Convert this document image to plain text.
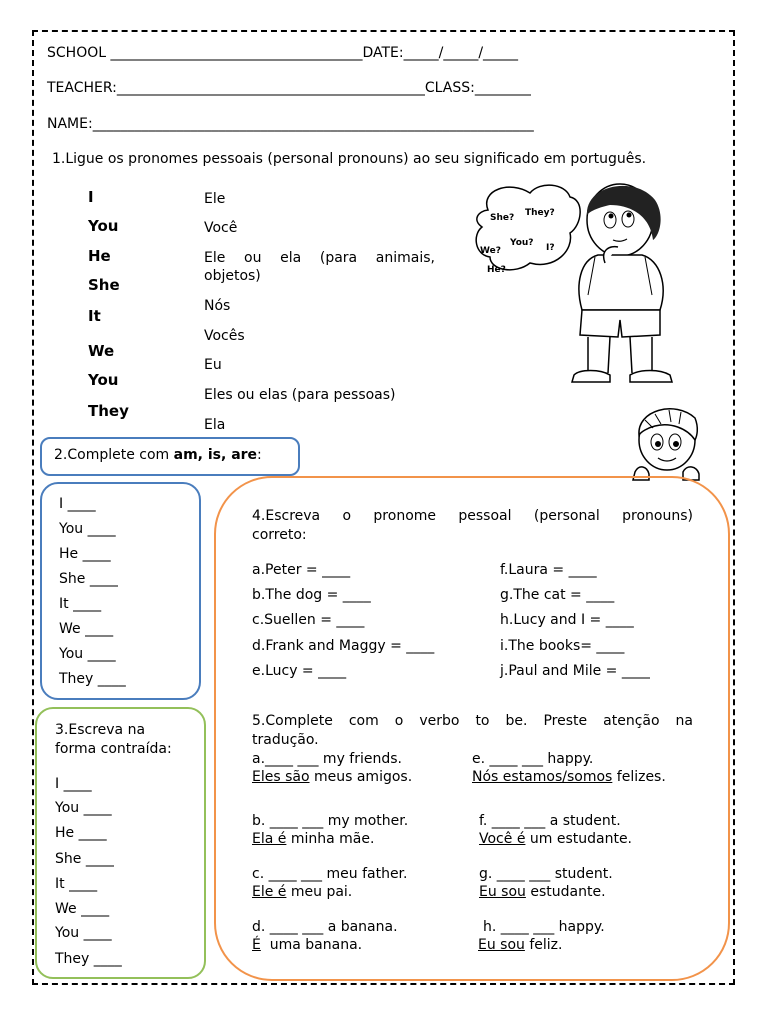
SCHOOL ____________________________________DATE:_____/_____/_____
TEACHER:____________________________________________CLASS:________
NAME:_______________________________________________________________
1.Ligue os pronomes pessoais (personal pronouns) ao seu significado em português.
I
You
He
She
It
We
You
They
Ele
Você
Ele ou ela (para animais,
objetos)
Nós
Vocês
Eu
Eles ou elas (para pessoas)
Ela
She? They?
We?
You? I?
He?
2.Complete com am, is, are:
I ____
You ____
He ____
She ____
It ____
We ____
You ____
They ____
3.Escreva na
forma contraída:
I ____
You ____
He ____
She ____
It ____
We ____
You ____
They ____
4.Escreva o pronome pessoal (personal pronouns)
correto:
a.Peter = ____
b.The dog = ____
c.Suellen = ____
d.Frank and Maggy = ____
e.Lucy = ____
f.Laura = ____
g.The cat = ____
h.Lucy and I = ____
i.The books= ____
j.Paul and Mile = ____
5.Complete com o verbo to be. Preste atenção na
tradução.
a.____ ___ my friends.
Eles são meus amigos.
e. ____ ___ happy.
Nós estamos/somos felizes.
b. ____ ___ my mother.
Ela é minha mãe.
f. ____ ___ a student.
Você é um estudante.
c. ____ ___ meu father.
Ele é meu pai.
g. ____ ___ student.
Eu sou estudante.
d. ____ ___ a banana.
É  uma banana.
h. ____ ___ happy.
Eu sou feliz.
